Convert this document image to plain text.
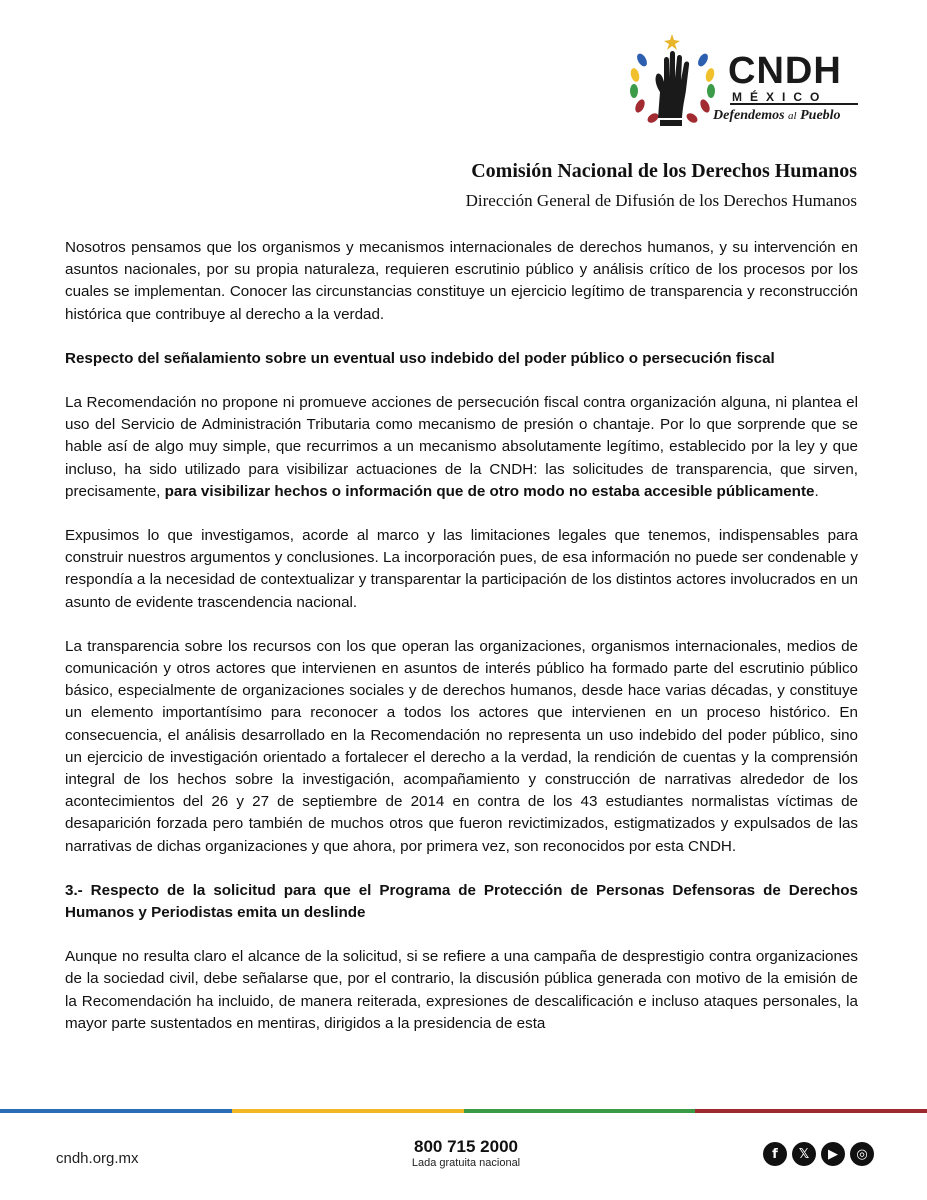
CNDH
MÉXICO
Defendemos al Pueblo
Comisión Nacional de los Derechos Humanos
Dirección General de Difusión de los Derechos Humanos

Nosotros pensamos que los organismos y mecanismos internacionales de derechos humanos, y su intervención en asuntos nacionales, por su propia naturaleza, requieren escrutinio público y análisis crítico de los procesos por los cuales se implementan. Conocer las circunstancias constituye un ejercicio legítimo de transparencia y reconstrucción histórica que contribuye al derecho a la verdad.

Respecto del señalamiento sobre un eventual uso indebido del poder público o persecución fiscal

La Recomendación no propone ni promueve acciones de persecución fiscal contra organización alguna, ni plantea el uso del Servicio de Administración Tributaria como mecanismo de presión o chantaje. Por lo que sorprende que se hable así de algo muy simple, que recurrimos a un mecanismo absolutamente legítimo, establecido por la ley y que incluso, ha sido utilizado para visibilizar actuaciones de la CNDH: las solicitudes de transparencia, que sirven, precisamente, para visibilizar hechos o información que de otro modo no estaba accesible públicamente.

Expusimos lo que investigamos, acorde al marco y las limitaciones legales que tenemos, indispensables para construir nuestros argumentos y conclusiones. La incorporación pues, de esa información no puede ser condenable y respondía a la necesidad de contextualizar y transparentar la participación de los distintos actores involucrados en un asunto de evidente trascendencia nacional.

La transparencia sobre los recursos con los que operan las organizaciones, organismos internacionales, medios de comunicación y otros actores que intervienen en asuntos de interés público ha formado parte del escrutinio público básico, especialmente de organizaciones sociales y de derechos humanos, desde hace varias décadas, y constituye un elemento importantísimo para reconocer a todos los actores que intervienen en un proceso histórico. En consecuencia, el análisis desarrollado en la Recomendación no representa un uso indebido del poder público, sino un ejercicio de investigación orientado a fortalecer el derecho a la verdad, la rendición de cuentas y la comprensión integral de los hechos sobre la investigación, acompañamiento y construcción de narrativas alrededor de los acontecimientos del 26 y 27 de septiembre de 2014 en contra de los 43 estudiantes normalistas víctimas de desaparición forzada pero también de muchos otros que fueron revictimizados, estigmatizados y expulsados de las narrativas de dichas organizaciones y que ahora, por primera vez, son reconocidos por esta CNDH.

3.- Respecto de la solicitud para que el Programa de Protección de Personas Defensoras de Derechos Humanos y Periodistas emita un deslinde

Aunque no resulta claro el alcance de la solicitud, si se refiere a una campaña de desprestigio contra organizaciones de la sociedad civil, debe señalarse que, por el contrario, la discusión pública generada con motivo de la emisión de la Recomendación ha incluido, de manera reiterada, expresiones de descalificación e incluso ataques personales, la mayor parte sustentados en mentiras, dirigidos a la presidencia de esta

cndh.org.mx
800 715 2000
Lada gratuita nacional
f	𝕏	▶	◎
